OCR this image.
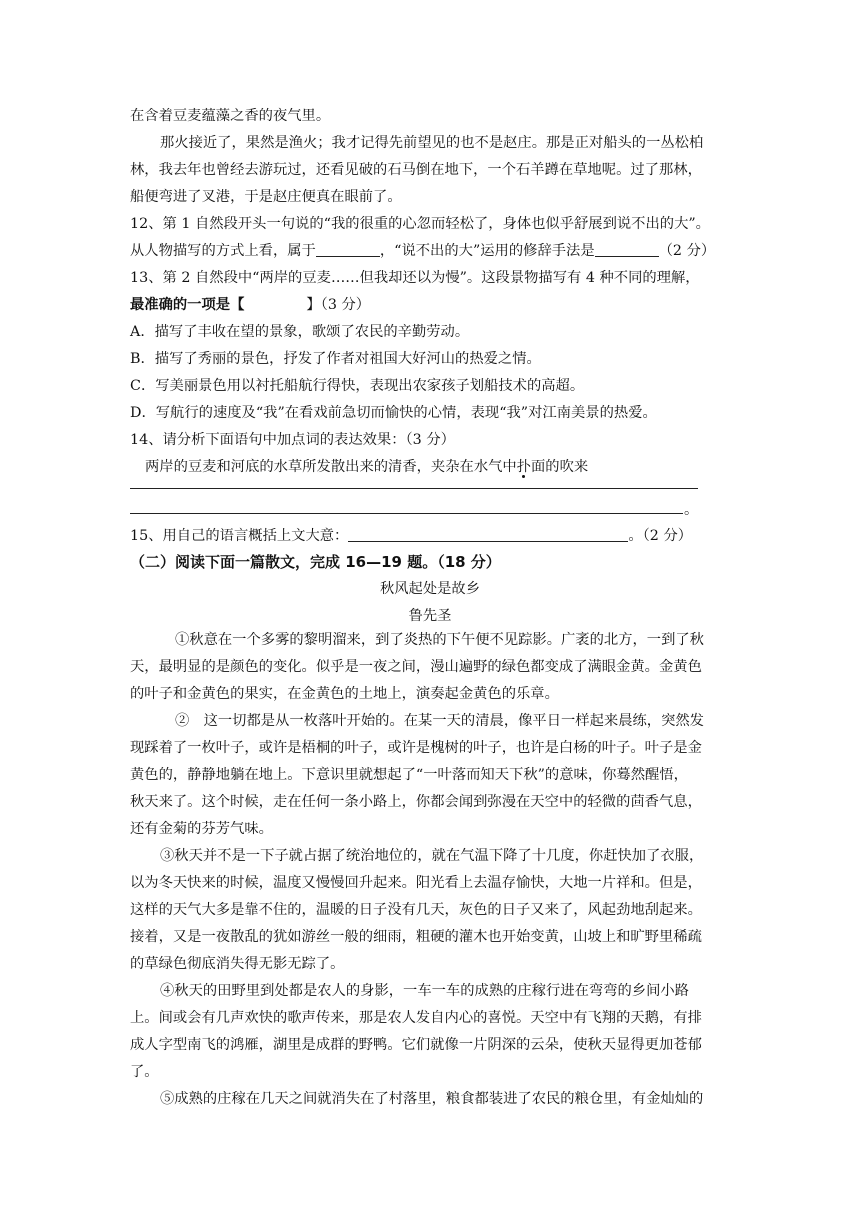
在含着豆麦蕴藻之香的夜气里。
那火接近了，果然是渔火；我才记得先前望见的也不是赵庄。那是正对船头的一丛松柏
林，我去年也曾经去游玩过，还看见破的石马倒在地下，一个石羊蹲在草地呢。过了那林，
船便弯进了叉港，于是赵庄便真在眼前了。
12、第 1 自然段开头一句说的“我的很重的心忽而轻松了，身体也似乎舒展到说不出的大”。
从人物描写的方式上看，属于	，“说不出的大”运用的修辞手法是	（2 分）
13、第 2 自然段中“两岸的豆麦……但我却还以为慢”。这段景物描写有 4 种不同的理解，
最准确的一项是【	】（3 分）
A．描写了丰收在望的景象，歌颂了农民的辛勤劳动。
B．描写了秀丽的景色，抒发了作者对祖国大好河山的热爱之情。
C．写美丽景色用以衬托船航行得快，表现出农家孩子划船技术的高超。
D．写航行的速度及“我”在看戏前急切而愉快的心情，表现“我”对江南美景的热爱。
14、请分析下面语句中加点词的表达效果：（3 分）
两岸的豆麦和河底的水草所发散出来的清香，夹杂在水气中扑面的吹来
。
15、用自己的语言概括上文大意：	。（2 分）
（二）阅读下面一篇散文，完成 16—19 题。（18 分）
秋风起处是故乡
鲁先圣
①秋意在一个多雾的黎明溜来，到了炎热的下午便不见踪影。广袤的北方，一到了秋
天，最明显的是颜色的变化。似乎是一夜之间，漫山遍野的绿色都变成了满眼金黄。金黄色
的叶子和金黄色的果实，在金黄色的土地上，演奏起金黄色的乐章。
②　这一切都是从一枚落叶开始的。在某一天的清晨，像平日一样起来晨练，突然发
现踩着了一枚叶子，或许是梧桐的叶子，或许是槐树的叶子，也许是白杨的叶子。叶子是金
黄色的，静静地躺在地上。下意识里就想起了“一叶落而知天下秋”的意味，你蓦然醒悟，
秋天来了。这个时候，走在任何一条小路上，你都会闻到弥漫在天空中的轻微的茴香气息，
还有金菊的芬芳气味。
③秋天并不是一下子就占据了统治地位的，就在气温下降了十几度，你赶快加了衣服，
以为冬天快来的时候，温度又慢慢回升起来。阳光看上去温存愉快，大地一片祥和。但是，
这样的天气大多是靠不住的，温暖的日子没有几天，灰色的日子又来了，风起劲地刮起来。
接着，又是一夜散乱的犹如游丝一般的细雨，粗硬的灌木也开始变黄，山坡上和旷野里稀疏
的草绿色彻底消失得无影无踪了。
④秋天的田野里到处都是农人的身影，一车一车的成熟的庄稼行进在弯弯的乡间小路
上。间或会有几声欢快的歌声传来，那是农人发自内心的喜悦。天空中有飞翔的天鹅，有排
成人字型南飞的鸿雁，湖里是成群的野鸭。它们就像一片阴深的云朵，使秋天显得更加苍郁
了。
⑤成熟的庄稼在几天之间就消失在了村落里，粮食都装进了农民的粮仓里，有金灿灿的
